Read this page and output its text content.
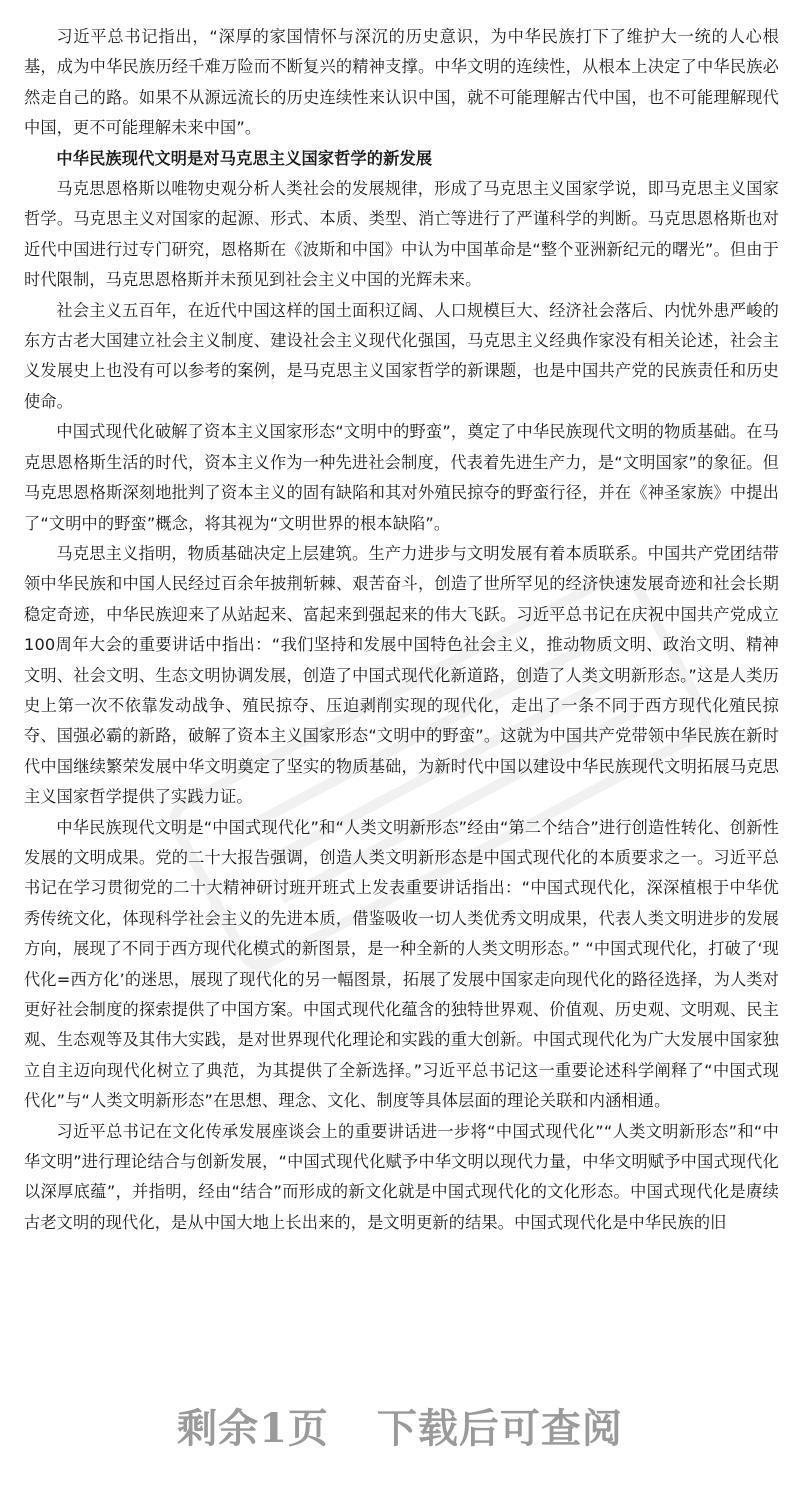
习近平总书记指出，“深厚的家国情怀与深沉的历史意识，为中华民族打下了维护大一统的人心根基，成为中华民族历经千难万险而不断复兴的精神支撑。中华文明的连续性，从根本上决定了中华民族必然走自己的路。如果不从源远流长的历史连续性来认识中国，就不可能理解古代中国，也不可能理解现代中国，更不可能理解未来中国”。

中华民族现代文明是对马克思主义国家哲学的新发展

马克思恩格斯以唯物史观分析人类社会的发展规律，形成了马克思主义国家学说，即马克思主义国家哲学。马克思主义对国家的起源、形式、本质、类型、消亡等进行了严谨科学的判断。马克思恩格斯也对近代中国进行过专门研究，恩格斯在《波斯和中国》中认为中国革命是“整个亚洲新纪元的曙光”。但由于时代限制，马克思恩格斯并未预见到社会主义中国的光辉未来。

社会主义五百年，在近代中国这样的国土面积辽阔、人口规模巨大、经济社会落后、内忧外患严峻的东方古老大国建立社会主义制度、建设社会主义现代化强国，马克思主义经典作家没有相关论述，社会主义发展史上也没有可以参考的案例，是马克思主义国家哲学的新课题，也是中国共产党的民族责任和历史使命。

中国式现代化破解了资本主义国家形态“文明中的野蛮”，奠定了中华民族现代文明的物质基础。在马克思恩格斯生活的时代，资本主义作为一种先进社会制度，代表着先进生产力，是“文明国家”的象征。但马克思恩格斯深刻地批判了资本主义的固有缺陷和其对外殖民掠夺的野蛮行径，并在《神圣家族》中提出了“文明中的野蛮”概念，将其视为“文明世界的根本缺陷”。

马克思主义指明，物质基础决定上层建筑。生产力进步与文明发展有着本质联系。中国共产党团结带领中华民族和中国人民经过百余年披荆斩棘、艰苦奋斗，创造了世所罕见的经济快速发展奇迹和社会长期稳定奇迹，中华民族迎来了从站起来、富起来到强起来的伟大飞跃。习近平总书记在庆祝中国共产党成立100周年大会的重要讲话中指出：“我们坚持和发展中国特色社会主义，推动物质文明、政治文明、精神文明、社会文明、生态文明协调发展，创造了中国式现代化新道路，创造了人类文明新形态。”这是人类历史上第一次不依靠发动战争、殖民掠夺、压迫剥削实现的现代化，走出了一条不同于西方现代化殖民掠夺、国强必霸的新路，破解了资本主义国家形态“文明中的野蛮”。这就为中国共产党带领中华民族在新时代中国继续繁荣发展中华文明奠定了坚实的物质基础，为新时代中国以建设中华民族现代文明拓展马克思主义国家哲学提供了实践力证。

中华民族现代文明是“中国式现代化”和“人类文明新形态”经由“第二个结合”进行创造性转化、创新性发展的文明成果。党的二十大报告强调，创造人类文明新形态是中国式现代化的本质要求之一。习近平总书记在学习贯彻党的二十大精神研讨班开班式上发表重要讲话指出：“中国式现代化，深深植根于中华优秀传统文化，体现科学社会主义的先进本质，借鉴吸收一切人类优秀文明成果，代表人类文明进步的发展方向，展现了不同于西方现代化模式的新图景，是一种全新的人类文明形态。” “中国式现代化，打破了‘现代化=西方化’的迷思，展现了现代化的另一幅图景，拓展了发展中国家走向现代化的路径选择，为人类对更好社会制度的探索提供了中国方案。中国式现代化蕴含的独特世界观、价值观、历史观、文明观、民主观、生态观等及其伟大实践，是对世界现代化理论和实践的重大创新。中国式现代化为广大发展中国家独立自主迈向现代化树立了典范，为其提供了全新选择。”习近平总书记这一重要论述科学阐释了“中国式现代化”与“人类文明新形态”在思想、理念、文化、制度等具体层面的理论关联和内涵相通。

习近平总书记在文化传承发展座谈会上的重要讲话进一步将“中国式现代化”“人类文明新形态”和“中华文明”进行理论结合与创新发展，“中国式现代化赋予中华文明以现代力量，中华文明赋予中国式现代化以深厚底蕴”，并指明，经由“结合”而形成的新文化就是中国式现代化的文化形态。中国式现代化是赓续古老文明的现代化，是从中国大地上长出来的，是文明更新的结果。中国式现代化是中华民族的旧

剩余1页 下载后可查阅
